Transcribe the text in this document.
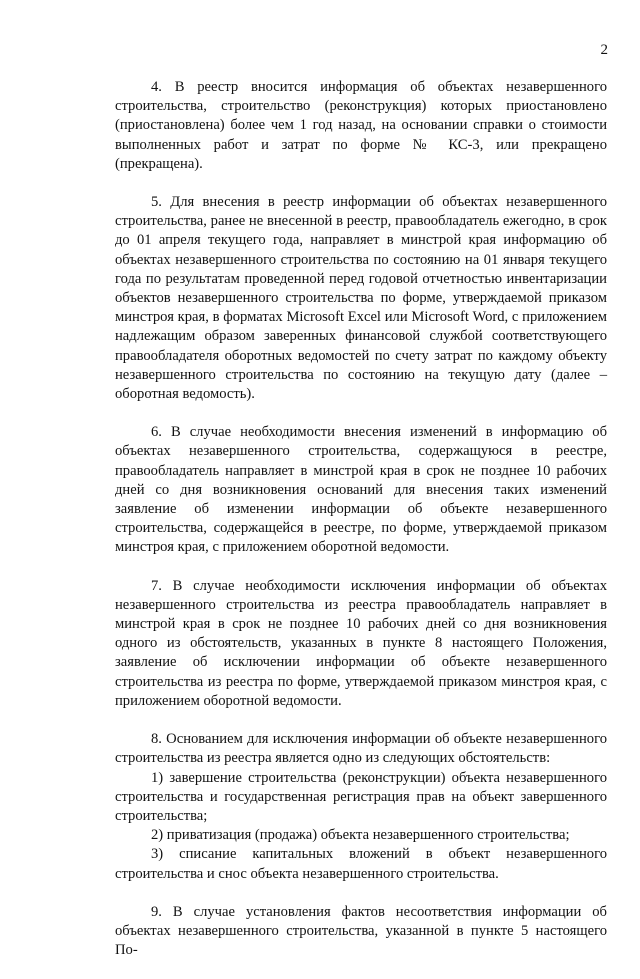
2

4. В реестр вносится информация об объектах незавершенного строительства, строительство (реконструкция) которых приостановлено (приостановлена) более чем 1 год назад, на основании справки о стоимости выполненных работ и затрат по форме № КС-3, или прекращено (прекращена).

5. Для внесения в реестр информации об объектах незавершенного строительства, ранее не внесенной в реестр, правообладатель ежегодно, в срок до 01 апреля текущего года, направляет в минстрой края информацию об объектах незавершенного строительства по состоянию на 01 января текущего года по результатам проведенной перед годовой отчетностью инвентаризации объектов незавершенного строительства по форме, утверждаемой приказом минстроя края, в форматах Microsoft Excel или Microsoft Word, с приложением надлежащим образом заверенных финансовой службой соответствующего правообладателя оборотных ведомостей по счету затрат по каждому объекту незавершенного строительства по состоянию на текущую дату (далее – оборотная ведомость).

6. В случае необходимости внесения изменений в информацию об объектах незавершенного строительства, содержащуюся в реестре, правообладатель направляет в минстрой края в срок не позднее 10 рабочих дней со дня возникновения оснований для внесения таких изменений заявление об изменении информации об объекте незавершенного строительства, содержащейся в реестре, по форме, утверждаемой приказом минстроя края, с приложением оборотной ведомости.

7. В случае необходимости исключения информации об объектах незавершенного строительства из реестра правообладатель направляет в минстрой края в срок не позднее 10 рабочих дней со дня возникновения одного из обстоятельств, указанных в пункте 8 настоящего Положения, заявление об исключении информации об объекте незавершенного строительства из реестра по форме, утверждаемой приказом минстроя края, с приложением оборотной ведомости.

8. Основанием для исключения информации об объекте незавершенного строительства из реестра является одно из следующих обстоятельств:

1) завершение строительства (реконструкции) объекта незавершенного строительства и государственная регистрация прав на объект завершенного строительства;

2) приватизация (продажа) объекта незавершенного строительства;

3) списание капитальных вложений в объект незавершенного строительства и снос объекта незавершенного строительства.

9. В случае установления фактов несоответствия информации об объектах незавершенного строительства, указанной в пункте 5 настоящего По-
